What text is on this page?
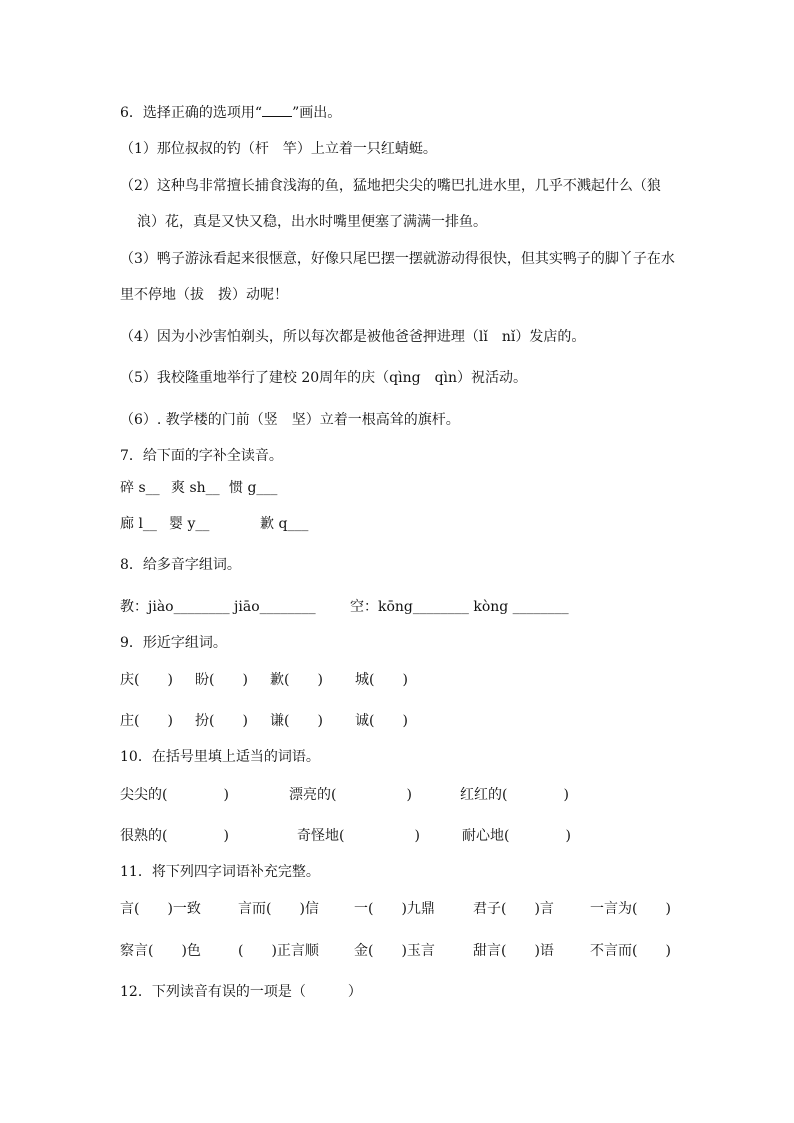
6．选择正确的选项用“ ”画出。
（1）那位叔叔的钓（杆　竿）上立着一只红蜻蜓。
（2）这种鸟非常擅长捕食浅海的鱼，猛地把尖尖的嘴巴扎进水里，几乎不溅起什么（狼
浪）花，真是又快又稳，出水时嘴里便塞了满满一排鱼。
（3）鸭子游泳看起来很惬意，好像只尾巴摆一摆就游动得很快，但其实鸭子的脚丫子在水
里不停地（拔　拨）动呢！
（4）因为小沙害怕剃头，所以每次都是被他爸爸押进理（lǐ　nǐ）发店的。
（5）我校隆重地举行了建校 20周年的庆（qìng　qìn）祝活动。
（6）. 教学楼的门前（竖　坚）立着一根高耸的旗杆。
7．给下面的字补全读音。
碎 s__ 爽 sh__ 惯 g___
廊 l__ 婴 y__	歉 q___
8．给多音字组词。
教：jiào________ jiāo________ 空：kōng________ kòng ________
9．形近字组词。
庆(　　) 盼(　　) 歉(　　) 城(　　)
庄(　　) 扮(　　) 谦(　　) 诚(　　)
10．在括号里填上适当的词语。
尖尖的(　　　　)	漂亮的(　　　　　)	红红的(　　　　)
很熟的(　　　　)	奇怪地(　　　　　)	耐心地(　　　　)
11．将下列四字词语补充完整。
言(　　)一致	言而(　　)信	一(　　)九鼎	君子(　　)言	一言为(　　)
察言(　　)色	(　　)正言顺	金(　　)玉言	甜言(　　)语	不言而(　　)
12．下列读音有误的一项是（　　　）
